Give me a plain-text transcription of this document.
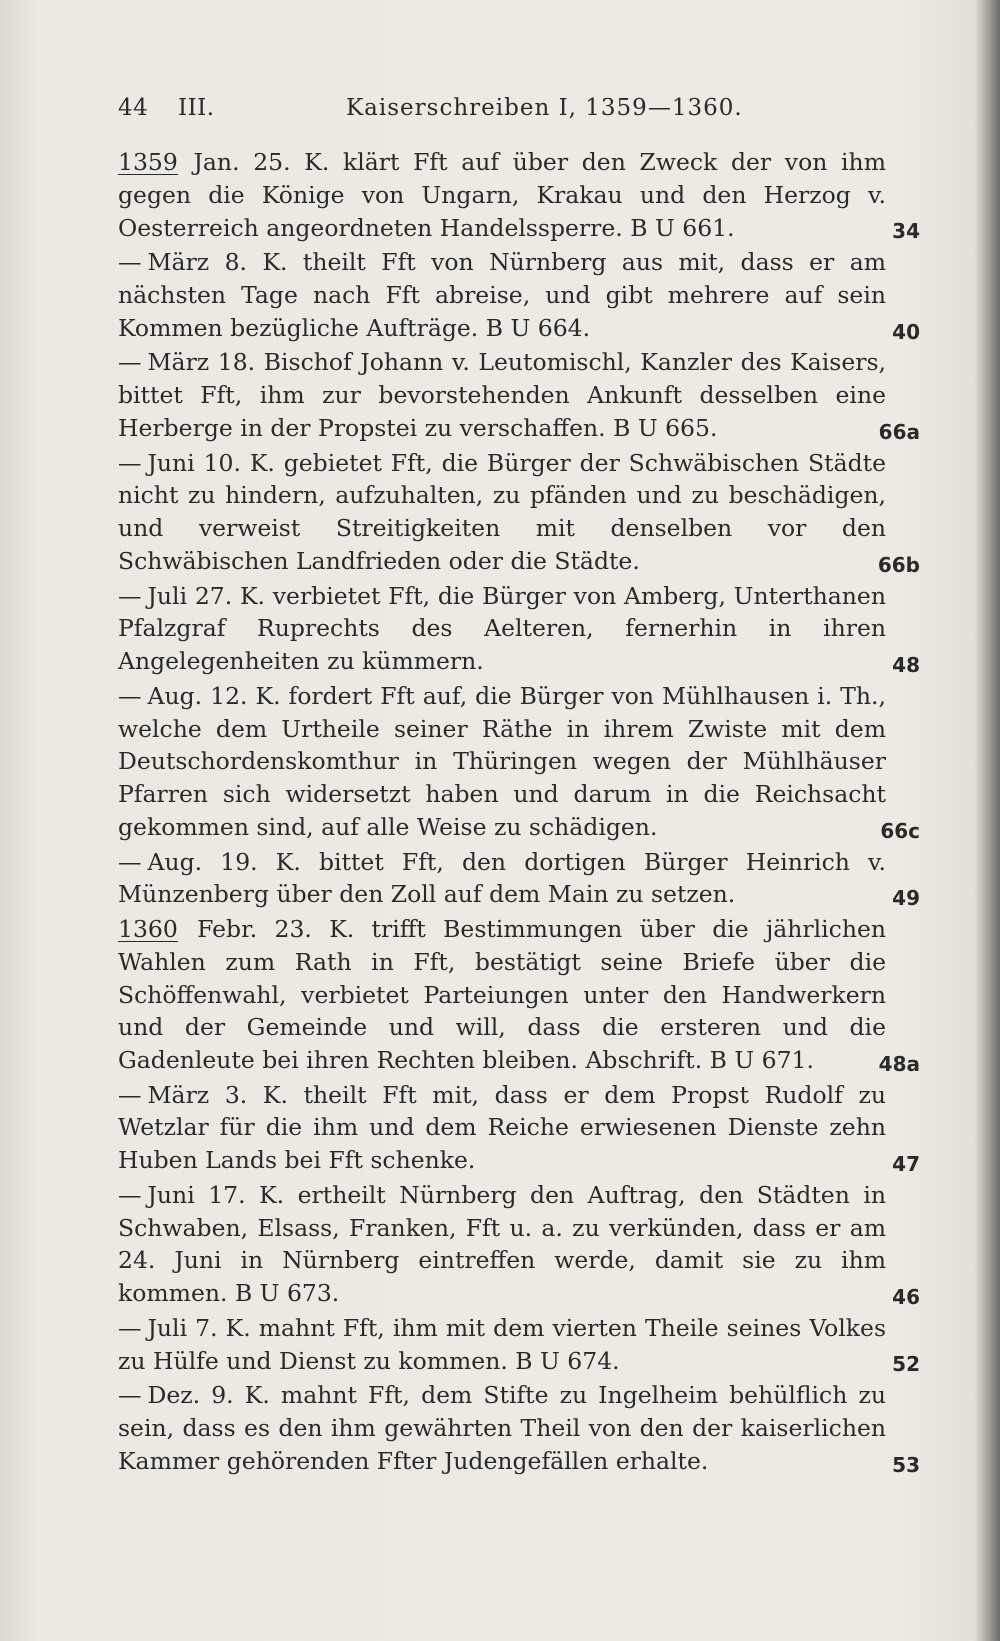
44 III.	Kaiserschreiben I, 1359—1360.
1359 Jan. 25. K. klärt Fft auf über den Zweck der von ihm gegen die Könige von Ungarn, Krakau und den Herzog v. Oesterreich angeordneten Handelssperre. B U 661.	34
— März 8. K. theilt Fft von Nürnberg aus mit, dass er am nächsten Tage nach Fft abreise, und gibt mehrere auf sein Kommen bezügliche Aufträge. B U 664.	40
— März 18. Bischof Johann v. Leutomischl, Kanzler des Kaisers, bittet Fft, ihm zur bevorstehenden Ankunft desselben eine Herberge in der Propstei zu verschaffen. B U 665.	66a
— Juni 10. K. gebietet Fft, die Bürger der Schwäbischen Städte nicht zu hindern, aufzuhalten, zu pfänden und zu beschädigen, und verweist Streitigkeiten mit denselben vor den Schwäbischen Landfrieden oder die Städte.	66b
— Juli 27. K. verbietet Fft, die Bürger von Amberg, Unterthanen Pfalzgraf Ruprechts des Aelteren, fernerhin in ihren Angelegenheiten zu kümmern.	48
— Aug. 12. K. fordert Fft auf, die Bürger von Mühlhausen i. Th., welche dem Urtheile seiner Räthe in ihrem Zwiste mit dem Deutschordenskomthur in Thüringen wegen der Mühlhäuser Pfarren sich widersetzt haben und darum in die Reichsacht gekommen sind, auf alle Weise zu schädigen.	66c
— Aug. 19. K. bittet Fft, den dortigen Bürger Heinrich v. Münzenberg über den Zoll auf dem Main zu setzen.	49
1360 Febr. 23. K. trifft Bestimmungen über die jährlichen Wahlen zum Rath in Fft, bestätigt seine Briefe über die Schöffenwahl, verbietet Parteiungen unter den Handwerkern und der Gemeinde und will, dass die ersteren und die Gadenleute bei ihren Rechten bleiben. Abschrift. B U 671.	48a
— März 3. K. theilt Fft mit, dass er dem Propst Rudolf zu Wetzlar für die ihm und dem Reiche erwiesenen Dienste zehn Huben Lands bei Fft schenke.	47
— Juni 17. K. ertheilt Nürnberg den Auftrag, den Städten in Schwaben, Elsass, Franken, Fft u. a. zu verkünden, dass er am 24. Juni in Nürnberg eintreffen werde, damit sie zu ihm kommen. B U 673.	46
— Juli 7. K. mahnt Fft, ihm mit dem vierten Theile seines Volkes zu Hülfe und Dienst zu kommen. B U 674.	52
— Dez. 9. K. mahnt Fft, dem Stifte zu Ingelheim behülflich zu sein, dass es den ihm gewährten Theil von den der kaiserlichen Kammer gehörenden Ffter Judengefällen erhalte.	53
